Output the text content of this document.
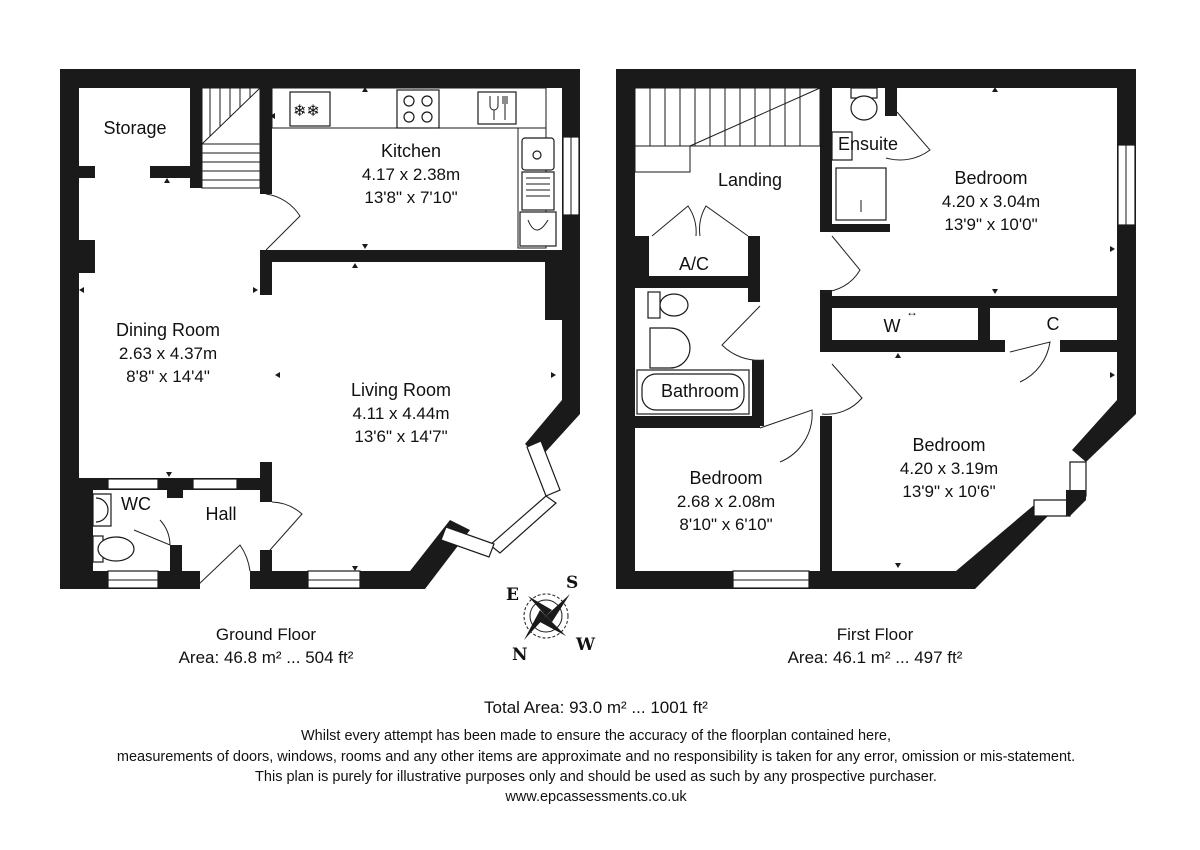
❄❄
↔
E
S
N	W
Storage
Kitchen
4.17 x 2.38m
13'8" x 7'10"
Dining Room
2.63 x 4.37m
8'8" x 14'4"
Living Room
4.11 x 4.44m
13'6" x 14'7"
WC	Hall
Ground Floor
Area: 46.8 m² ... 504 ft²
Landing
Ensuite
Bedroom
4.20 x 3.04m
13'9" x 10'0"
A/C
Bathroom
W	C
Bedroom
4.20 x 3.19m
13'9" x 10'6"
Bedroom
2.68 x 2.08m
8'10" x 6'10"
First Floor
Area: 46.1 m² ... 497 ft²
Total Area: 93.0 m² ... 1001 ft²
Whilst every attempt has been made to ensure the accuracy of the floorplan contained here,
measurements of doors, windows, rooms and any other items are approximate and no responsibility is taken for any error, omission or mis-statement.
This plan is purely for illustrative purposes only and should be used as such by any prospective purchaser.
www.epcassessments.co.uk
